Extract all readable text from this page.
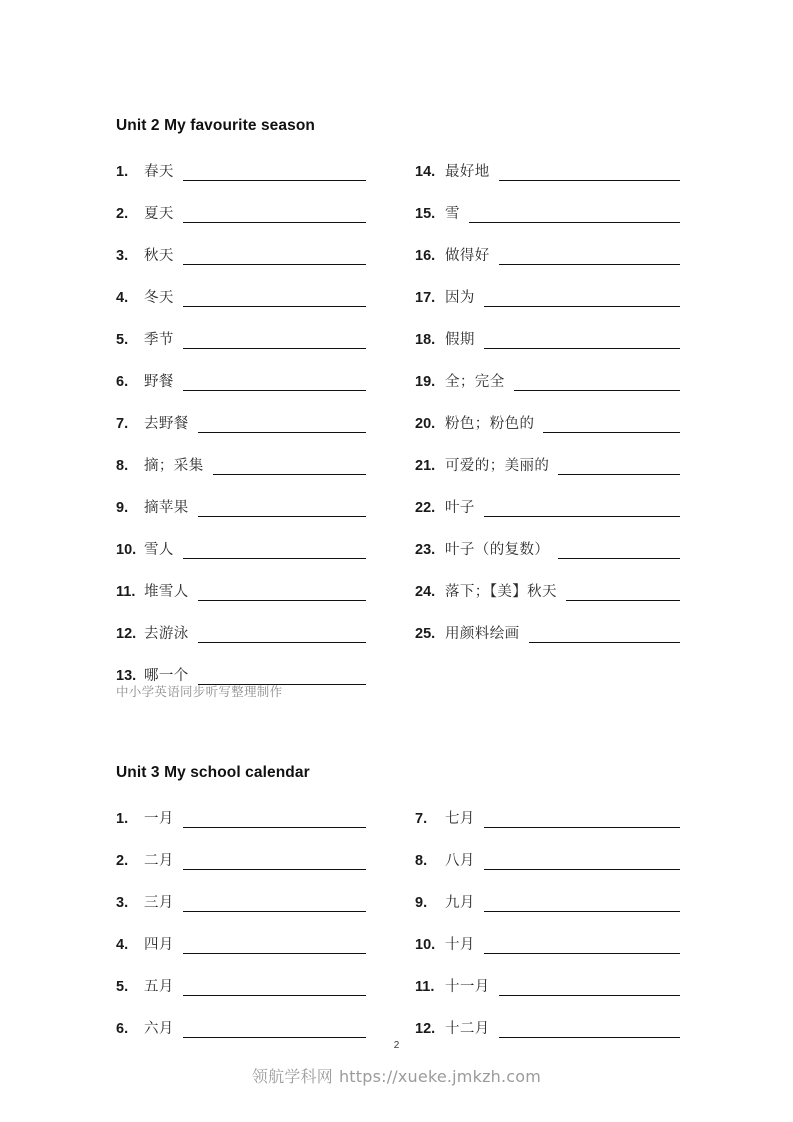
Unit 2 My favourite season
1.	春天
2.	夏天
3.	秋天
4.	冬天
5.	季节
6.	野餐
7.	去野餐
8.	摘；采集
9.	摘苹果
10. 雪人
11. 堆雪人
12. 去游泳
13. 哪一个
14. 最好地
15. 雪
16. 做得好
17. 因为
18. 假期
19. 全；完全
20. 粉色；粉色的
21. 可爱的；美丽的
22. 叶子
23. 叶子（的复数）
24. 落下；【美】秋天
25. 用颜料绘画
中小学英语同步听写整理制作
Unit 3 My school calendar
1.	一月
2.	二月
3.	三月
4.	四月
5.	五月
6.	六月
7.	七月
8.	八月
9.	九月
10. 十月
11. 十一月
12. 十二月
2
领航学科网 https://xueke.jmkzh.com
